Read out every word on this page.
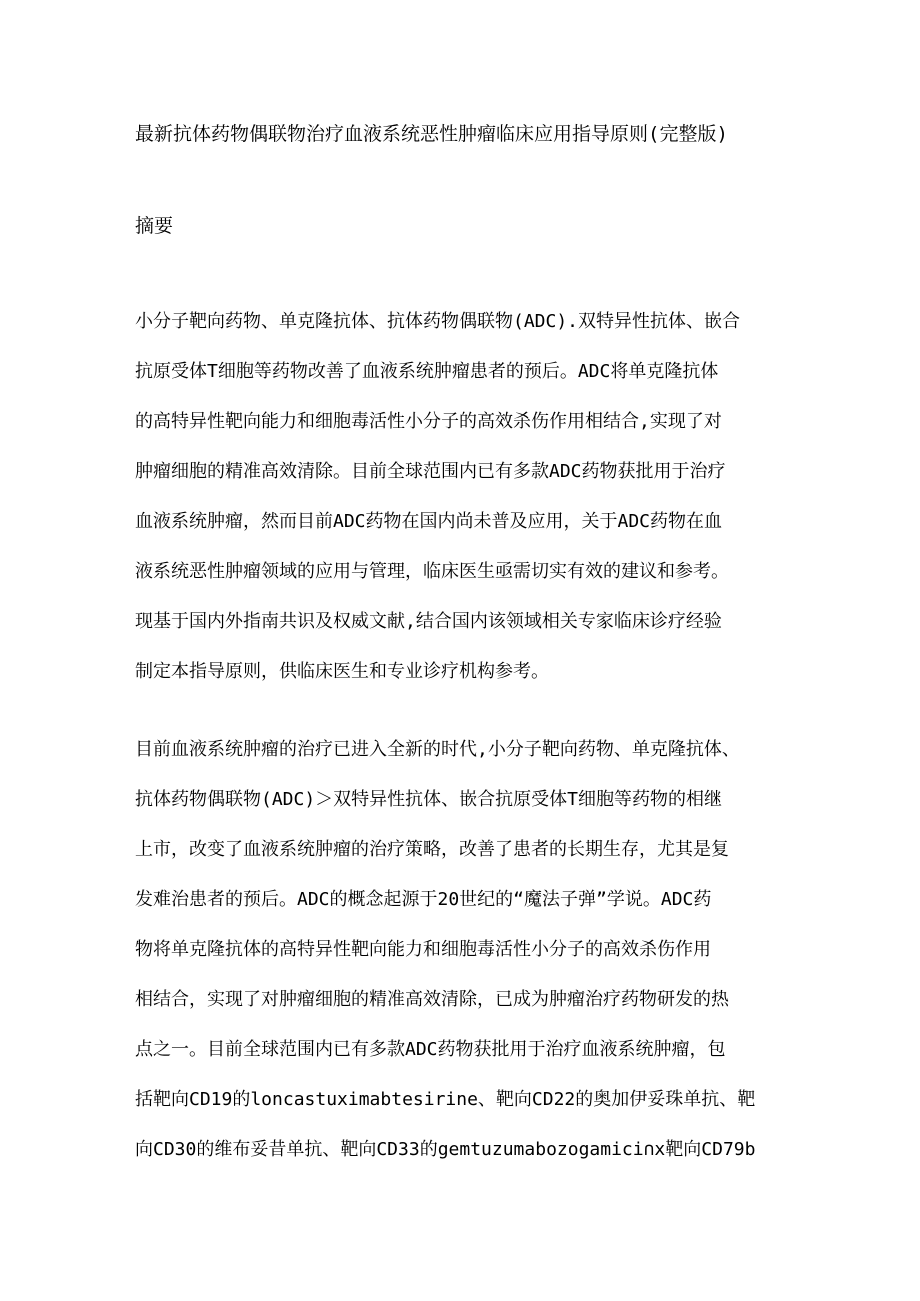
最新抗体药物偶联物治疗血液系统恶性肿瘤临床应用指导原则(完整版)
摘要
小分子靶向药物、单克隆抗体、抗体药物偶联物(ADC).双特异性抗体、嵌合
抗原受体T细胞等药物改善了血液系统肿瘤患者的预后。ADC将单克隆抗体
的高特异性靶向能力和细胞毒活性小分子的高效杀伤作用相结合,实现了对
肿瘤细胞的精准高效清除。目前全球范围内已有多款ADC药物获批用于治疗
血液系统肿瘤，然而目前ADC药物在国内尚未普及应用，关于ADC药物在血
液系统恶性肿瘤领域的应用与管理，临床医生亟需切实有效的建议和参考。
现基于国内外指南共识及权威文献,结合国内该领域相关专家临床诊疗经验
制定本指导原则，供临床医生和专业诊疗机构参考。
目前血液系统肿瘤的治疗已进入全新的时代,小分子靶向药物、单克隆抗体、
抗体药物偶联物(ADC)＞双特异性抗体、嵌合抗原受体T细胞等药物的相继
上市，改变了血液系统肿瘤的治疗策略，改善了患者的长期生存，尤其是复
发难治患者的预后。ADC的概念起源于20世纪的“魔法子弹”学说。ADC药
物将单克隆抗体的高特异性靶向能力和细胞毒活性小分子的高效杀伤作用
相结合，实现了对肿瘤细胞的精准高效清除，已成为肿瘤治疗药物研发的热
点之一。目前全球范围内已有多款ADC药物获批用于治疗血液系统肿瘤，包
括靶向CD19的loncastuximabtesirine、靶向CD22的奥加伊妥珠单抗、靶
向CD30的维布妥昔单抗、靶向CD33的gemtuzumabozogamici∩x靶向CD79b
